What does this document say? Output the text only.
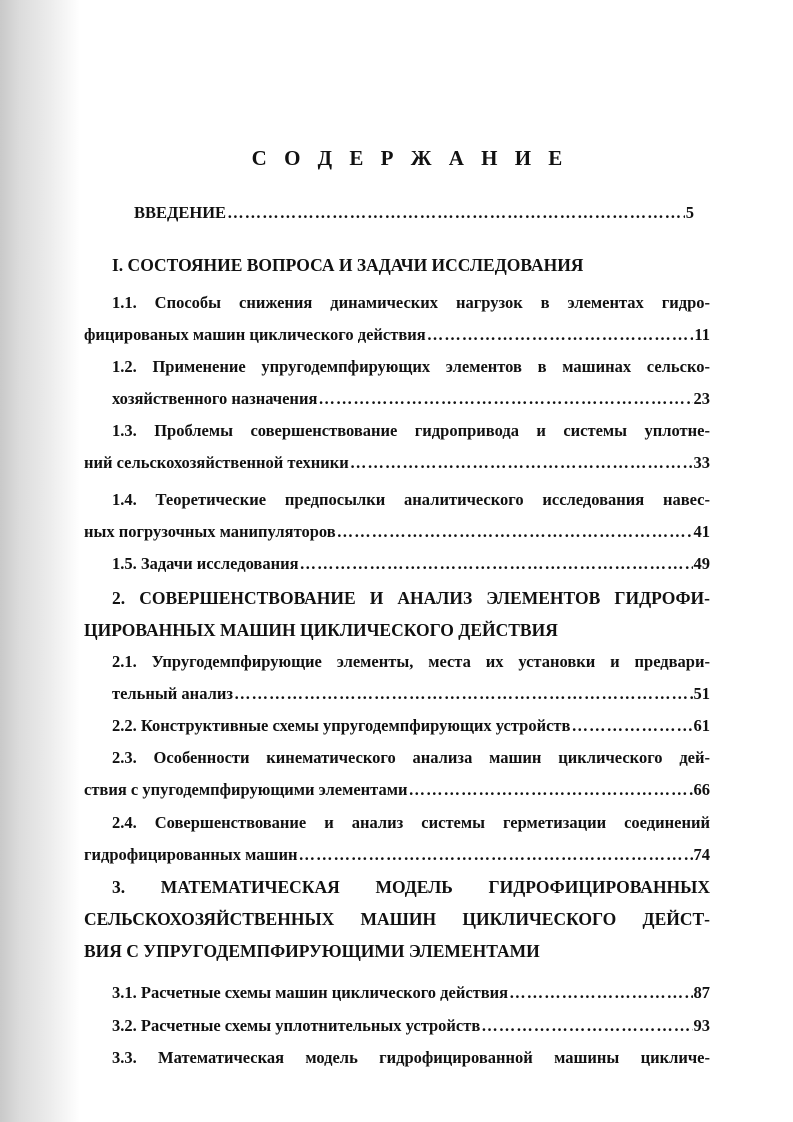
С О Д Е Р Ж А Н И Е
ВВЕДЕНИЕ ……………………………………………………………………………………………………………………………………………………………………	5
I. СОСТОЯНИЕ ВОПРОСА И ЗАДАЧИ ИССЛЕДОВАНИЯ
1.1. Способы снижения динамических нагрузок в элементах гидро-
фицированых машин циклического действия ……………………………………………………………………………………………………………………………………………………………………	11
1.2. Применение упругодемпфирующих элементов в машинах сельско-
хозяйственного назначения ……………………………………………………………………………………………………………………………………………………………………	23
1.3. Проблемы совершенствование гидропривода и системы уплотне-
ний сельскохозяйственной техники ……………………………………………………………………………………………………………………………………………………………………	33
1.4. Теоретические предпосылки аналитического исследования навес-
ных погрузочных манипуляторов ……………………………………………………………………………………………………………………………………………………………………	41
1.5. Задачи исследования ……………………………………………………………………………………………………………………………………………………………………	49
2. СОВЕРШЕНСТВОВАНИЕ И АНАЛИЗ ЭЛЕМЕНТОВ ГИДРОФИ-
ЦИРОВАННЫХ МАШИН ЦИКЛИЧЕСКОГО ДЕЙСТВИЯ
2.1. Упругодемпфирующие элементы, места их установки и предвари-
тельный анализ ……………………………………………………………………………………………………………………………………………………………………	51
2.2. Конструктивные схемы упругодемпфирующих устройств ……………………………………………………………………………………………………………………………………………………………………	61
2.3. Особенности кинематического анализа машин циклического дей-
ствия с упугодемпфирующими элементами ……………………………………………………………………………………………………………………………………………………………………	66
2.4. Совершенствование и анализ системы герметизации соединений
гидрофицированных машин ……………………………………………………………………………………………………………………………………………………………………	74
3. МАТЕМАТИЧЕСКАЯ МОДЕЛЬ ГИДРОФИЦИРОВАННЫХ
СЕЛЬСКОХОЗЯЙСТВЕННЫХ МАШИН ЦИКЛИЧЕСКОГО ДЕЙСТ-
ВИЯ С УПРУГОДЕМПФИРУЮЩИМИ ЭЛЕМЕНТАМИ
3.1. Расчетные схемы машин циклического действия ……………………………………………………………………………………………………………………………………………………………………	87
3.2. Расчетные схемы уплотнительных устройств ……………………………………………………………………………………………………………………………………………………………………	93
3.3. Математическая модель гидрофицированной машины цикличе-
